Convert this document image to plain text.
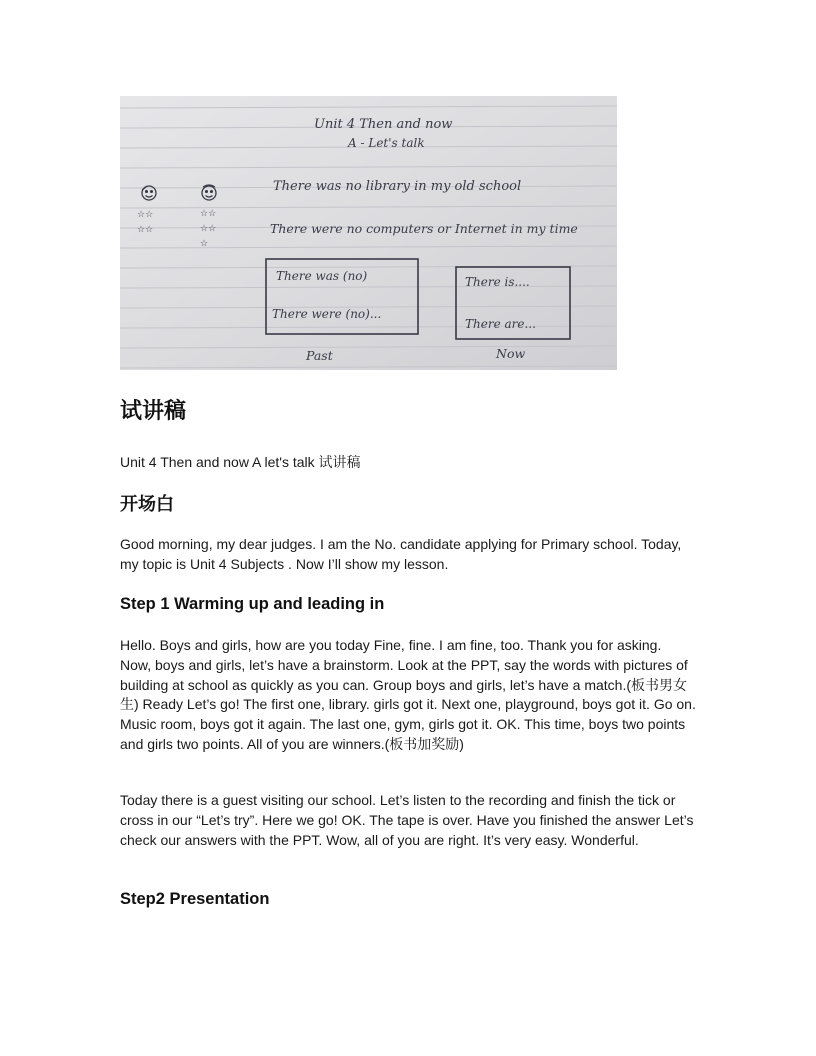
☆☆
☆☆
☆☆
☆☆
☆
Unit 4 Then and now
A - Let's talk
There was no library in my old school
There were no computers or Internet in my time
There was (no)
There were (no)...
Past
There is....
There are...
Now
试讲稿

Unit 4 Then and now A let's talk 试讲稿

开场白

Good morning, my dear judges. I am the No. candidate applying for Primary school. Today, my topic is Unit 4 Subjects . Now I’ll show my lesson.

Step 1 Warming up and leading in

Hello. Boys and girls, how are you today Fine, fine. I am fine, too. Thank you for asking. Now, boys and girls, let’s have a brainstorm. Look at the PPT, say the words with pictures of building at school as quickly as you can. Group boys and girls, let’s have a match.(板书男女生) Ready Let’s go! The first one, library. girls got it. Next one, playground, boys got it. Go on. Music room, boys got it again. The last one, gym, girls got it. OK. This time, boys two points and girls two points. All of you are winners.(板书加奖励)

Today there is a guest visiting our school. Let’s listen to the recording and finish the tick or cross in our “Let’s try”. Here we go! OK. The tape is over. Have you finished the answer Let’s check our answers with the PPT. Wow, all of you are right. It’s very easy. Wonderful.

Step2 Presentation
